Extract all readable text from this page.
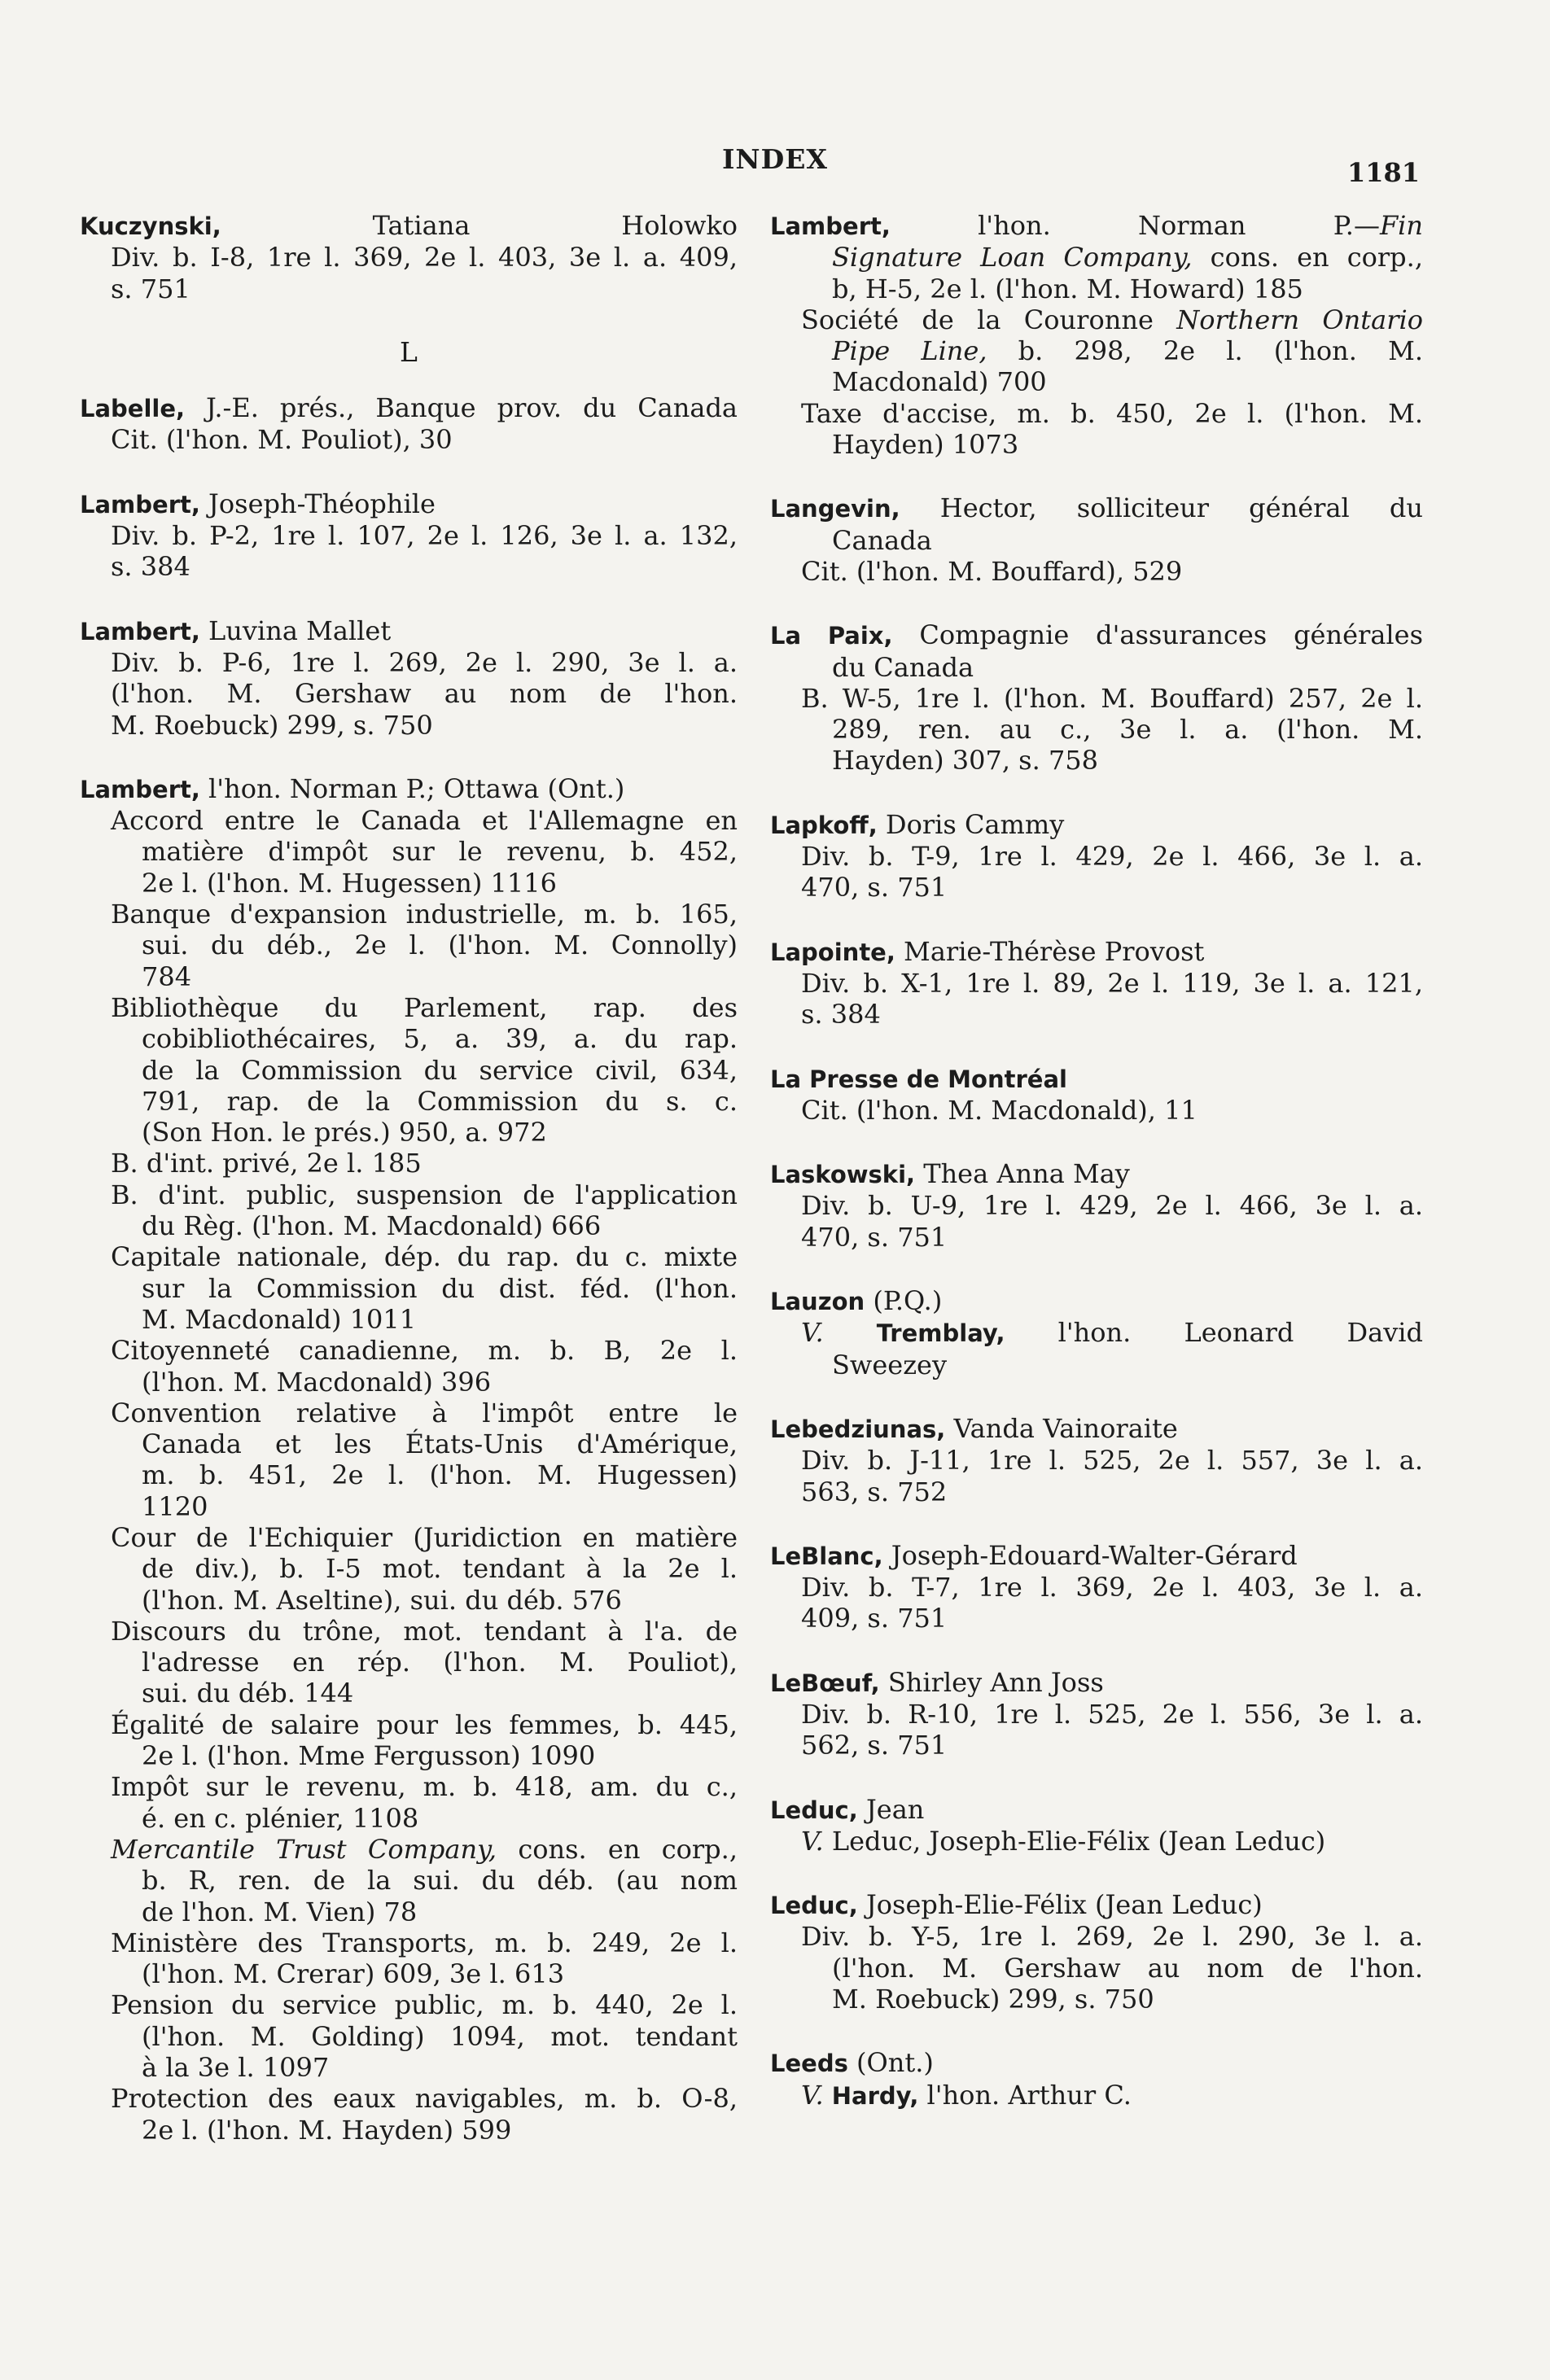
INDEX	1181
Kuczynski, Tatiana Holowko
Div. b. I-8, 1re l. 369, 2e l. 403, 3e l. a. 409,
s. 751
L
Labelle, J.-E. prés., Banque prov. du Canada
Cit. (l'hon. M. Pouliot), 30
Lambert, Joseph-Théophile
Div. b. P-2, 1re l. 107, 2e l. 126, 3e l. a. 132,
s. 384
Lambert, Luvina Mallet
Div. b. P-6, 1re l. 269, 2e l. 290, 3e l. a.
(l'hon. M. Gershaw au nom de l'hon.
M. Roebuck) 299, s. 750
Lambert, l'hon. Norman P.; Ottawa (Ont.)
Accord entre le Canada et l'Allemagne en
matière d'impôt sur le revenu, b. 452,
2e l. (l'hon. M. Hugessen) 1116
Banque d'expansion industrielle, m. b. 165,
sui. du déb., 2e l. (l'hon. M. Connolly)
784
Bibliothèque du Parlement, rap. des
cobibliothécaires, 5, a. 39, a. du rap.
de la Commission du service civil, 634,
791, rap. de la Commission du s. c.
(Son Hon. le prés.) 950, a. 972
B. d'int. privé, 2e l. 185
B. d'int. public, suspension de l'application
du Règ. (l'hon. M. Macdonald) 666
Capitale nationale, dép. du rap. du c. mixte
sur la Commission du dist. féd. (l'hon.
M. Macdonald) 1011
Citoyenneté canadienne, m. b. B, 2e l.
(l'hon. M. Macdonald) 396
Convention relative à l'impôt entre le
Canada et les États-Unis d'Amérique,
m. b. 451, 2e l. (l'hon. M. Hugessen)
1120
Cour de l'Echiquier (Juridiction en matière
de div.), b. I-5 mot. tendant à la 2e l.
(l'hon. M. Aseltine), sui. du déb. 576
Discours du trône, mot. tendant à l'a. de
l'adresse en rép. (l'hon. M. Pouliot),
sui. du déb. 144
Égalité de salaire pour les femmes, b. 445,
2e l. (l'hon. Mme Fergusson) 1090
Impôt sur le revenu, m. b. 418, am. du c.,
é. en c. plénier, 1108
Mercantile Trust Company, cons. en corp.,
b. R, ren. de la sui. du déb. (au nom
de l'hon. M. Vien) 78
Ministère des Transports, m. b. 249, 2e l.
(l'hon. M. Crerar) 609, 3e l. 613
Pension du service public, m. b. 440, 2e l.
(l'hon. M. Golding) 1094, mot. tendant
à la 3e l. 1097
Protection des eaux navigables, m. b. O-8,
2e l. (l'hon. M. Hayden) 599
Lambert, l'hon. Norman P.—Fin
Signature Loan Company, cons. en corp.,
b, H-5, 2e l. (l'hon. M. Howard) 185
Société de la Couronne Northern Ontario
Pipe Line, b. 298, 2e l. (l'hon. M.
Macdonald) 700
Taxe d'accise, m. b. 450, 2e l. (l'hon. M.
Hayden) 1073
Langevin, Hector, solliciteur général du
Canada
Cit. (l'hon. M. Bouffard), 529
La Paix, Compagnie d'assurances générales
du Canada
B. W-5, 1re l. (l'hon. M. Bouffard) 257, 2e l.
289, ren. au c., 3e l. a. (l'hon. M.
Hayden) 307, s. 758
Lapkoff, Doris Cammy
Div. b. T-9, 1re l. 429, 2e l. 466, 3e l. a.
470, s. 751
Lapointe, Marie-Thérèse Provost
Div. b. X-1, 1re l. 89, 2e l. 119, 3e l. a. 121,
s. 384
La Presse de Montréal
Cit. (l'hon. M. Macdonald), 11
Laskowski, Thea Anna May
Div. b. U-9, 1re l. 429, 2e l. 466, 3e l. a.
470, s. 751
Lauzon (P.Q.)
V. Tremblay, l'hon. Leonard David
Sweezey
Lebedziunas, Vanda Vainoraite
Div. b. J-11, 1re l. 525, 2e l. 557, 3e l. a.
563, s. 752
LeBlanc, Joseph-Edouard-Walter-Gérard
Div. b. T-7, 1re l. 369, 2e l. 403, 3e l. a.
409, s. 751
LeBœuf, Shirley Ann Joss
Div. b. R-10, 1re l. 525, 2e l. 556, 3e l. a.
562, s. 751
Leduc, Jean
V. Leduc, Joseph-Elie-Félix (Jean Leduc)
Leduc, Joseph-Elie-Félix (Jean Leduc)
Div. b. Y-5, 1re l. 269, 2e l. 290, 3e l. a.
(l'hon. M. Gershaw au nom de l'hon.
M. Roebuck) 299, s. 750
Leeds (Ont.)
V. Hardy, l'hon. Arthur C.
